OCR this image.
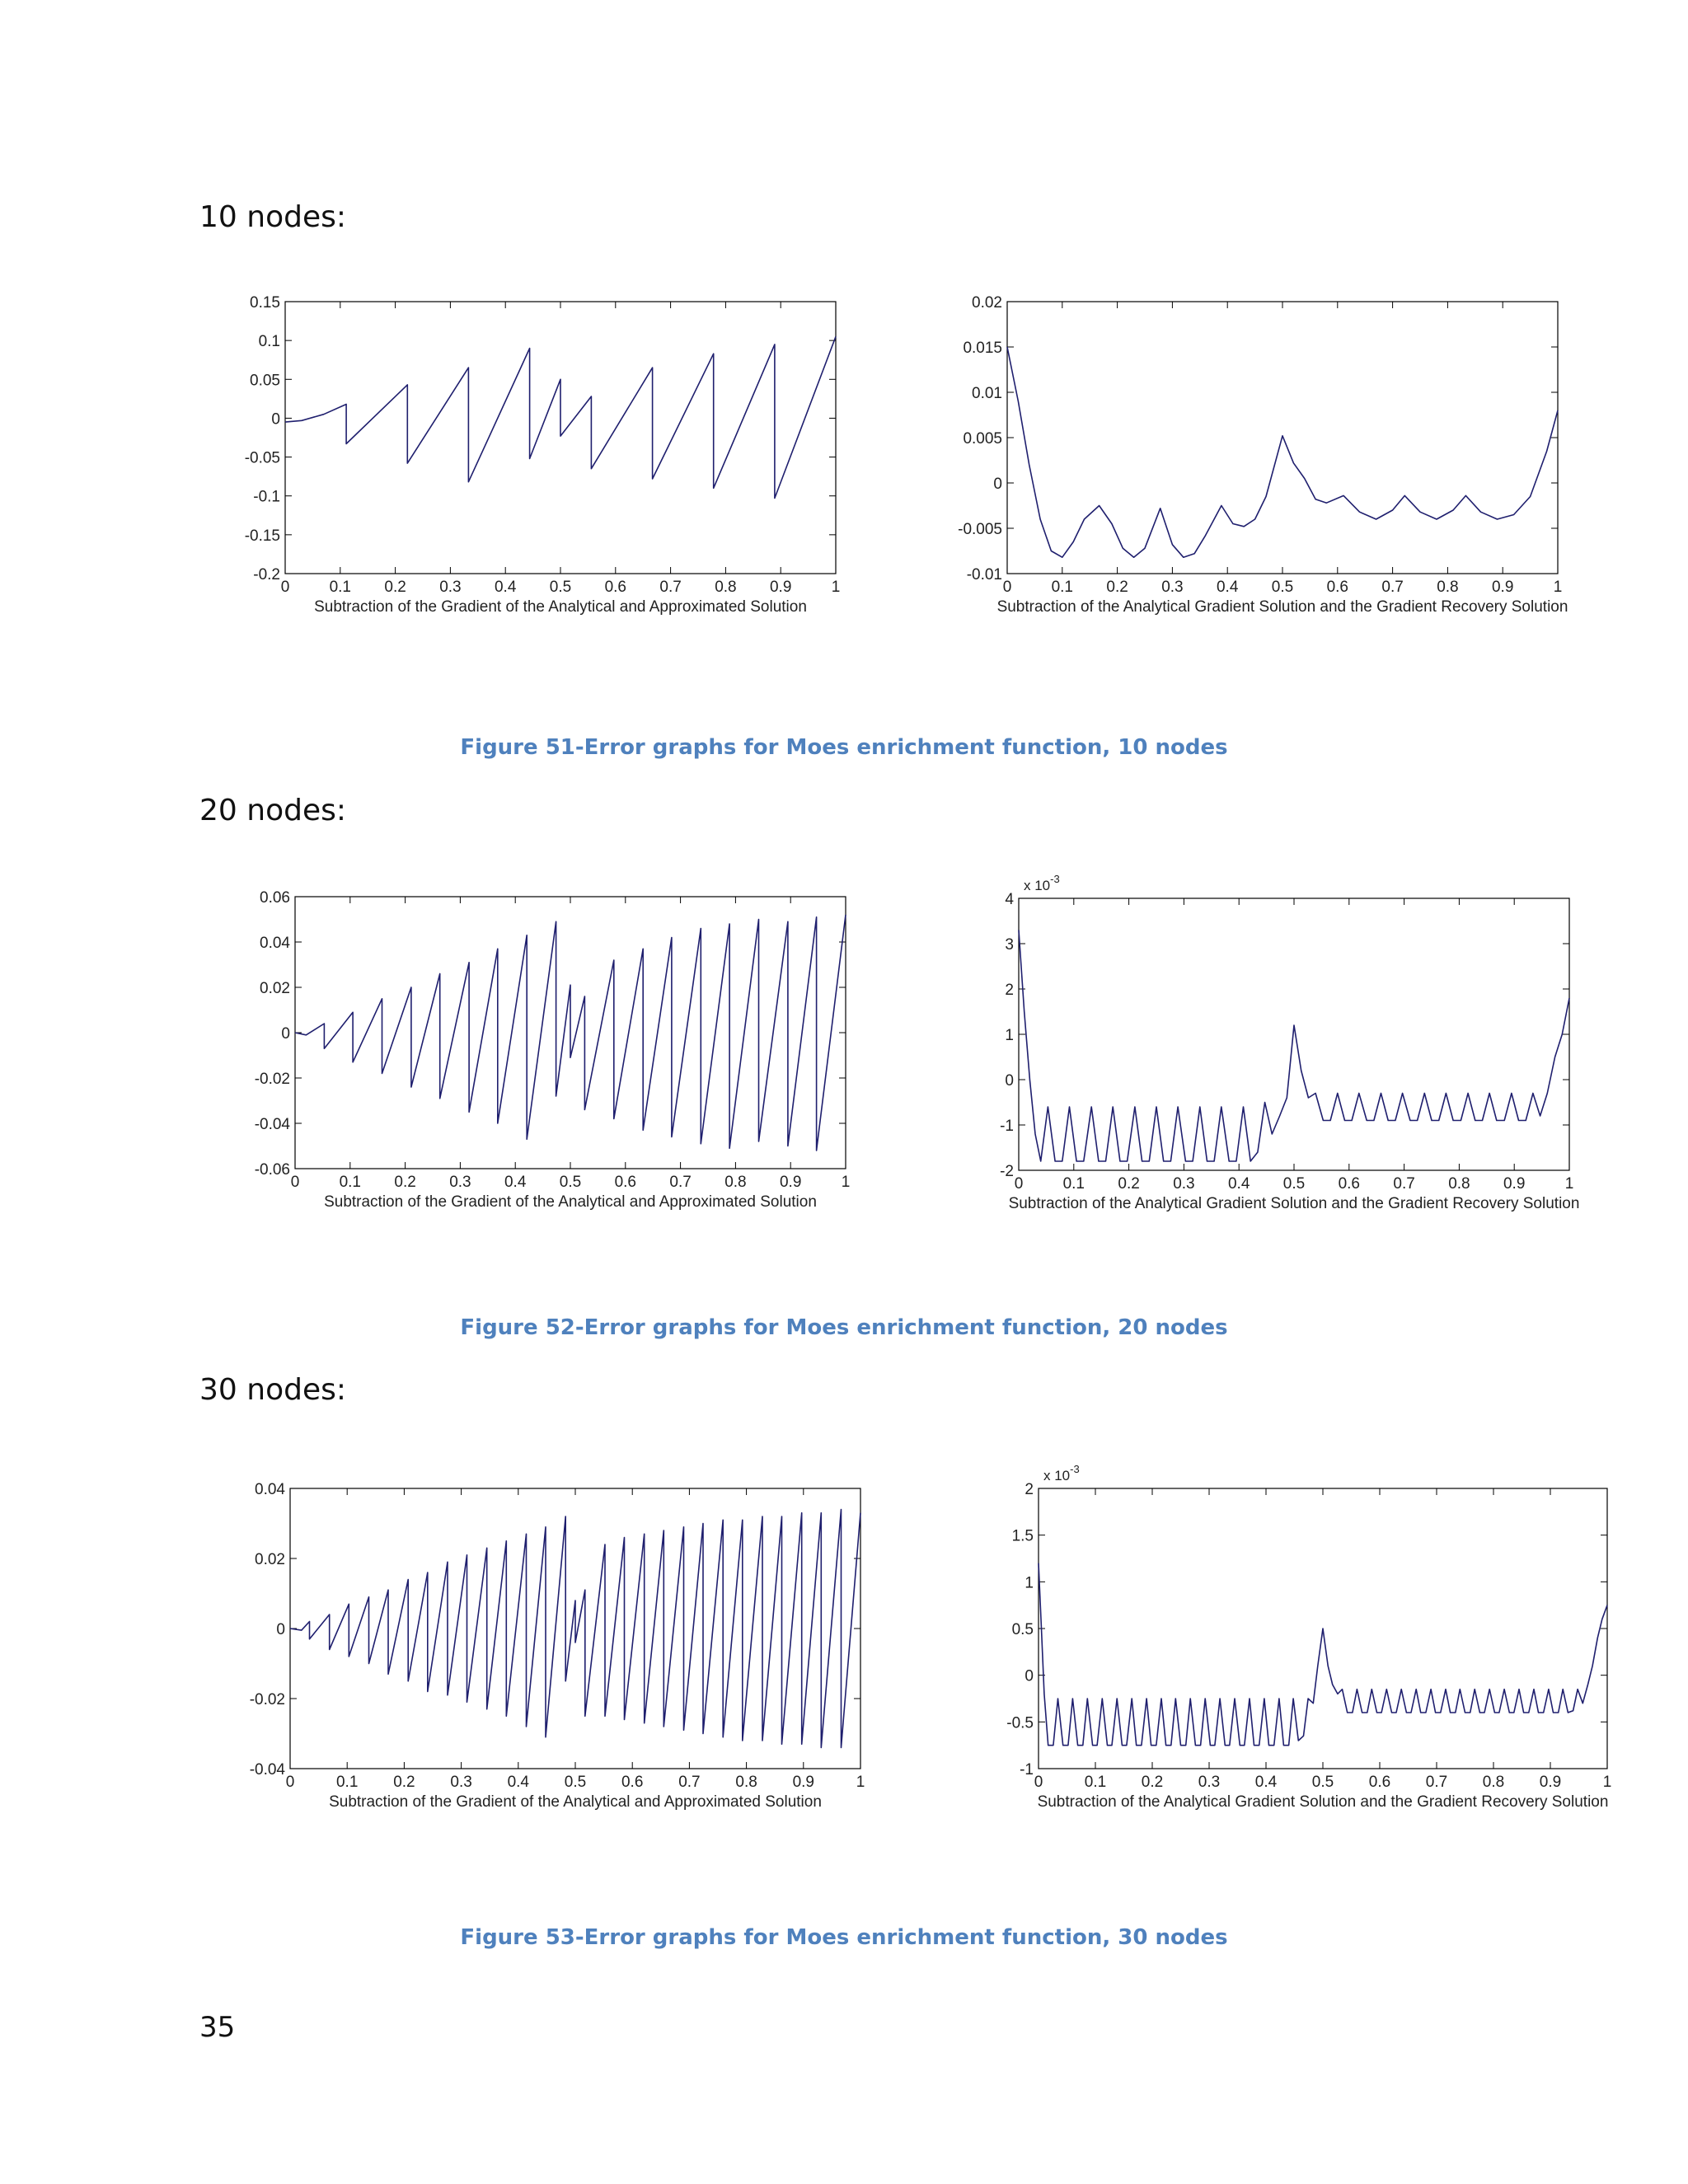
10 nodes:
20 nodes:
30 nodes:
0	0.1 0.2 0.3 0.4 0.5 0.6 0.7 0.8 0.9	1
-0.2
-0.15
-0.1
-0.05
0
0.05
0.1
0.15
Subtraction of the Gradient of the Analytical and Approximated Solution
0	0.1 0.2 0.3 0.4 0.5 0.6 0.7 0.8 0.9	1
-0.01
-0.005
0
0.005
0.01
0.015
0.02
Subtraction of the Analytical Gradient Solution and the Gradient Recovery Solution
0	0.1 0.2 0.3 0.4 0.5 0.6 0.7 0.8 0.9	1
-0.06
-0.04
-0.02
0
0.02
0.04
0.06
Subtraction of the Gradient of the Analytical and Approximated Solution
0	0.1 0.2 0.3 0.4 0.5 0.6 0.7 0.8 0.9	1
-2
-1
0
1
2
3
4
x $10^{-3}$
Subtraction of the Analytical Gradient Solution and the Gradient Recovery Solution
0	0.1 0.2 0.3 0.4 0.5 0.6 0.7 0.8 0.9	1
-0.04
-0.02
0
0.02
0.04
Subtraction of the Gradient of the Analytical and Approximated Solution
0	0.1 0.2 0.3 0.4 0.5 0.6 0.7 0.8 0.9	1
-1
-0.5
0
0.5
1
1.5
2
x $10^{-3}$
Subtraction of the Analytical Gradient Solution and the Gradient Recovery Solution
Figure 51-Error graphs for Moes enrichment function, 10 nodes
Figure 52-Error graphs for Moes enrichment function, 20 nodes
Figure 53-Error graphs for Moes enrichment function, 30 nodes
35
